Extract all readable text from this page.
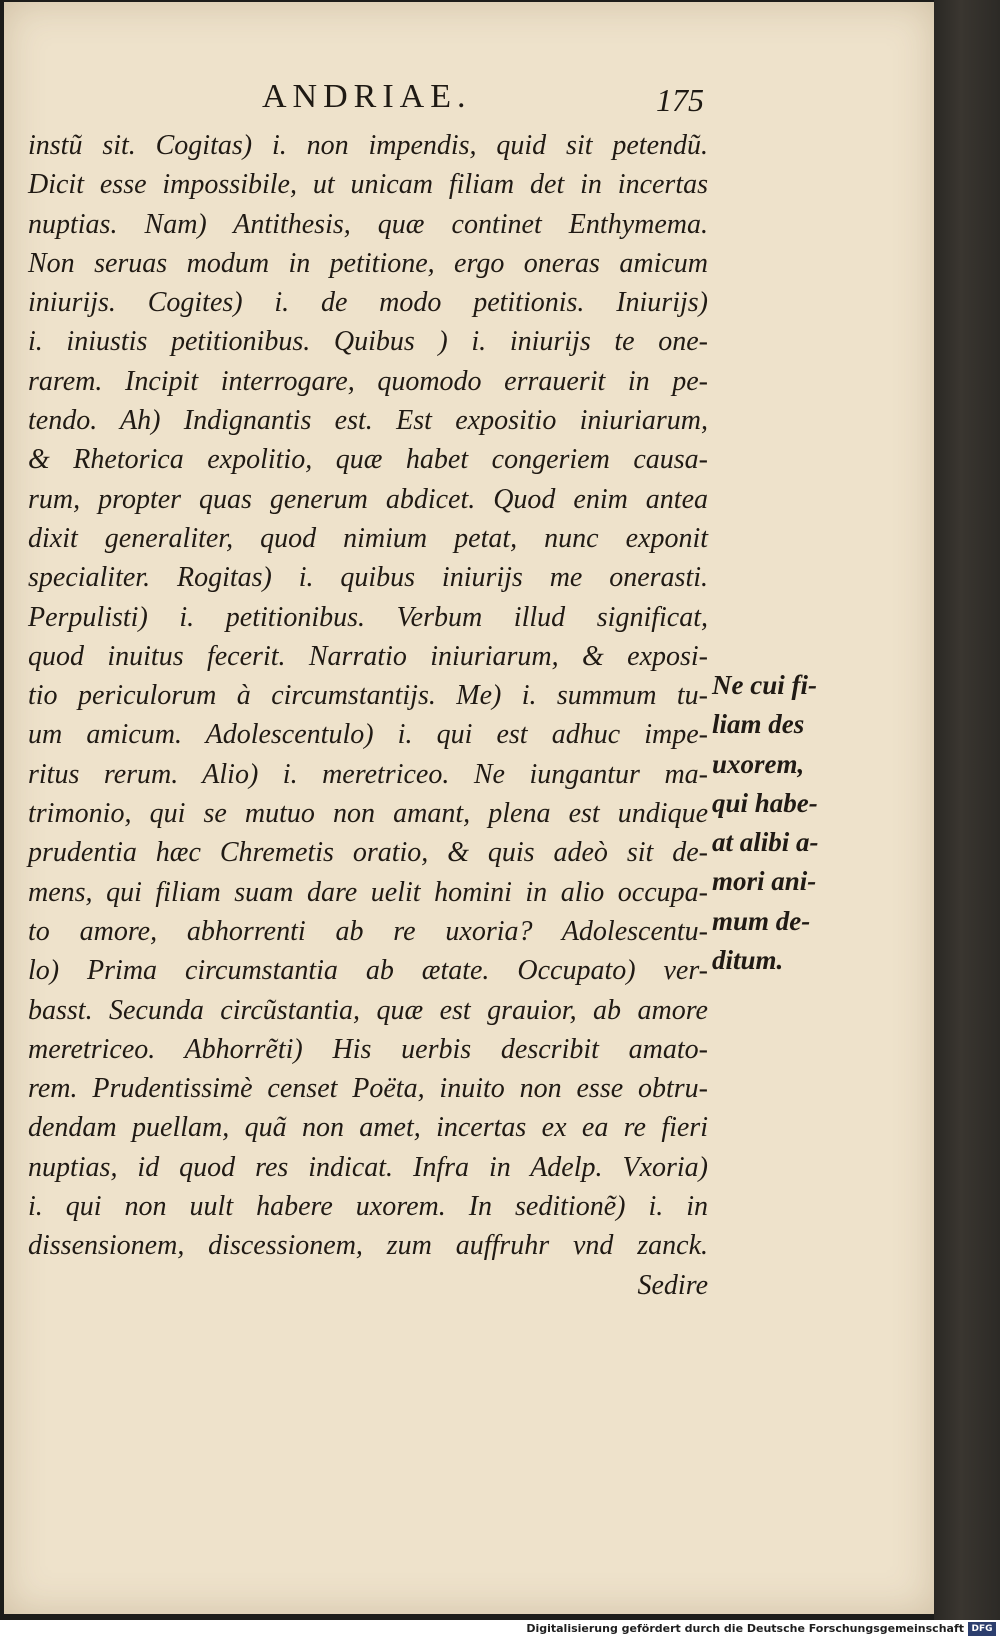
ANDRIAE.	175
instũ sit. Cogitas) i. non impendis, quid sit petendũ.
Dicit esse impossibile, ut unicam filiam det in incertas
nuptias. Nam) Antithesis, quæ continet Enthymema.
Non seruas modum in petitione, ergo oneras amicum
iniurijs. Cogites) i. de modo petitionis. Iniurijs)
i. iniustis petitionibus. Quibus ) i. iniurijs te one-
rarem. Incipit interrogare, quomodo errauerit in pe-
tendo. Ah) Indignantis est. Est expositio iniuriarum,
& Rhetorica expolitio, quæ habet congeriem causa-
rum, propter quas generum abdicet. Quod enim antea
dixit generaliter, quod nimium petat, nunc exponit
specialiter. Rogitas) i. quibus iniurijs me onerasti.
Perpulisti) i. petitionibus. Verbum illud significat,
quod inuitus fecerit. Narratio iniuriarum, & exposi-
tio periculorum à circumstantijs. Me) i. summum tu-
um amicum. Adolescentulo) i. qui est adhuc impe-
ritus rerum. Alio) i. meretriceo. Ne iungantur ma-
trimonio, qui se mutuo non amant, plena est undique
prudentia hæc Chremetis oratio, & quis adeò sit de-
mens, qui filiam suam dare uelit homini in alio occupa-
to amore, abhorrenti ab re uxoria? Adolescentu-
lo) Prima circumstantia ab ætate. Occupato) ver-
basst. Secunda circũstantia, quæ est grauior, ab amore
meretriceo. Abhorrẽti) His uerbis describit amato-
rem. Prudentissimè censet Poëta, inuito non esse obtru-
dendam puellam, quã non amet, incertas ex ea re fieri
nuptias, id quod res indicat. Infra in Adelp. Vxoria)
i. qui non uult habere uxorem. In seditionẽ) i. in
dissensionem, discessionem, zum auffruhr vnd zanck.
Sedire
Ne cui fi-
liam des
uxorem,
qui habe-
at alibi a-
mori ani-
mum de-
ditum.
Digitalisierung gefördert durch die Deutsche Forschungsgemeinschaft DFG
